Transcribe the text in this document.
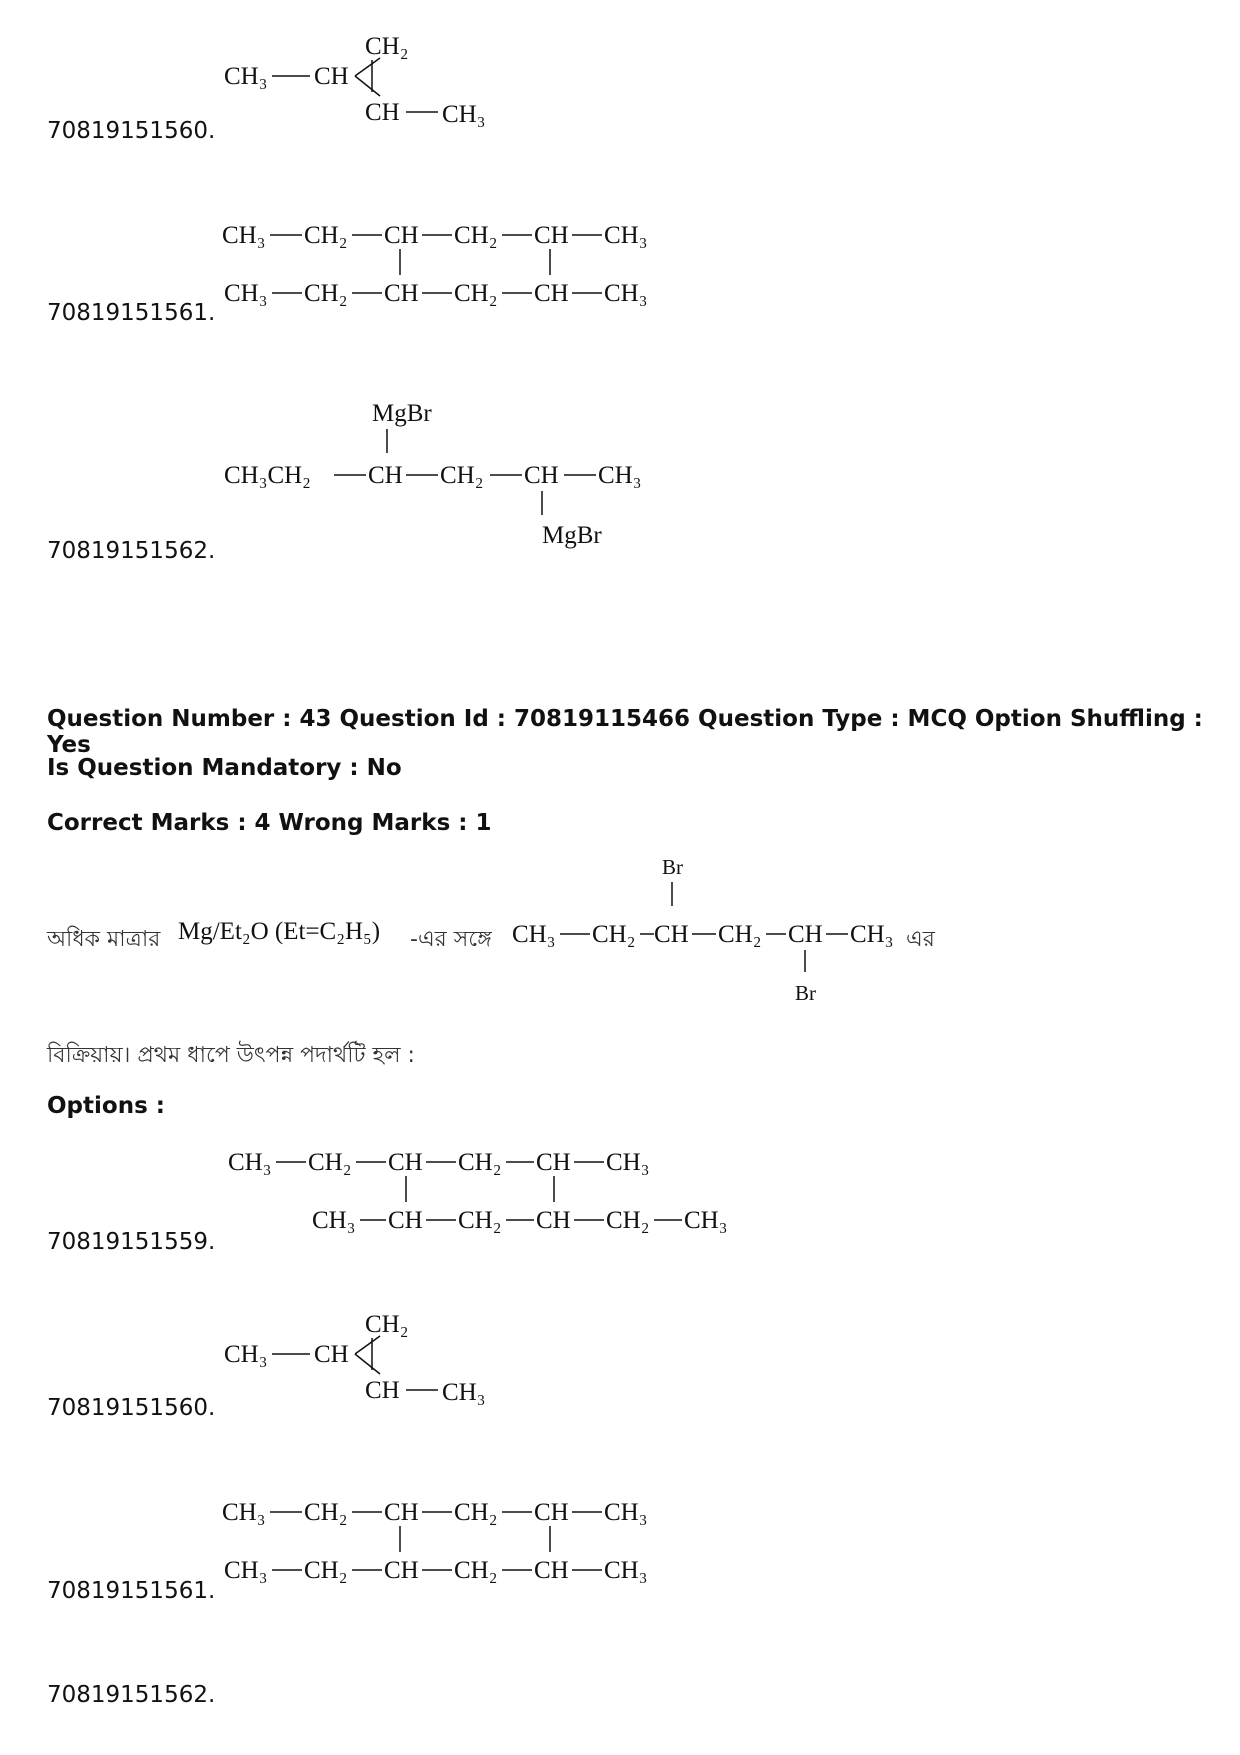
CH₃ CH
CH₂
CH CH₃
70819151560.
CH₃ CH₂ CH CH₂ CH CH₃
CH₃ CH₂ CH CH₂ CH CH₃
70819151561.
MgBr
CH₃CH₂ CH CH₂ CH CH₃
MgBr
70819151562.
Question Number : 43 Question Id : 70819115466 Question Type : MCQ Option Shuffling : Yes
Is Question Mandatory : No
Correct Marks : 4 Wrong Marks : 1
অধিক মাত্রার Mg/Et₂O (Et=C₂H₅) -এর সঙ্গে
Br
CH₃ CH₂ CH CH₂ CH CH₃
Br
এর
বিক্রিয়ায়। প্রথম ধাপে উৎপন্ন পদার্থটি হল :
Options :
CH₃ CH₂ CH CH₂ CH CH₃
CH₃ CH CH₂ CH CH₂ CH₃
70819151559.
CH₃ CH
CH₂
CH CH₃
70819151560.
CH₃ CH₂ CH CH₂ CH CH₃
CH₃ CH₂ CH CH₂ CH CH₃
70819151561.
70819151562.
